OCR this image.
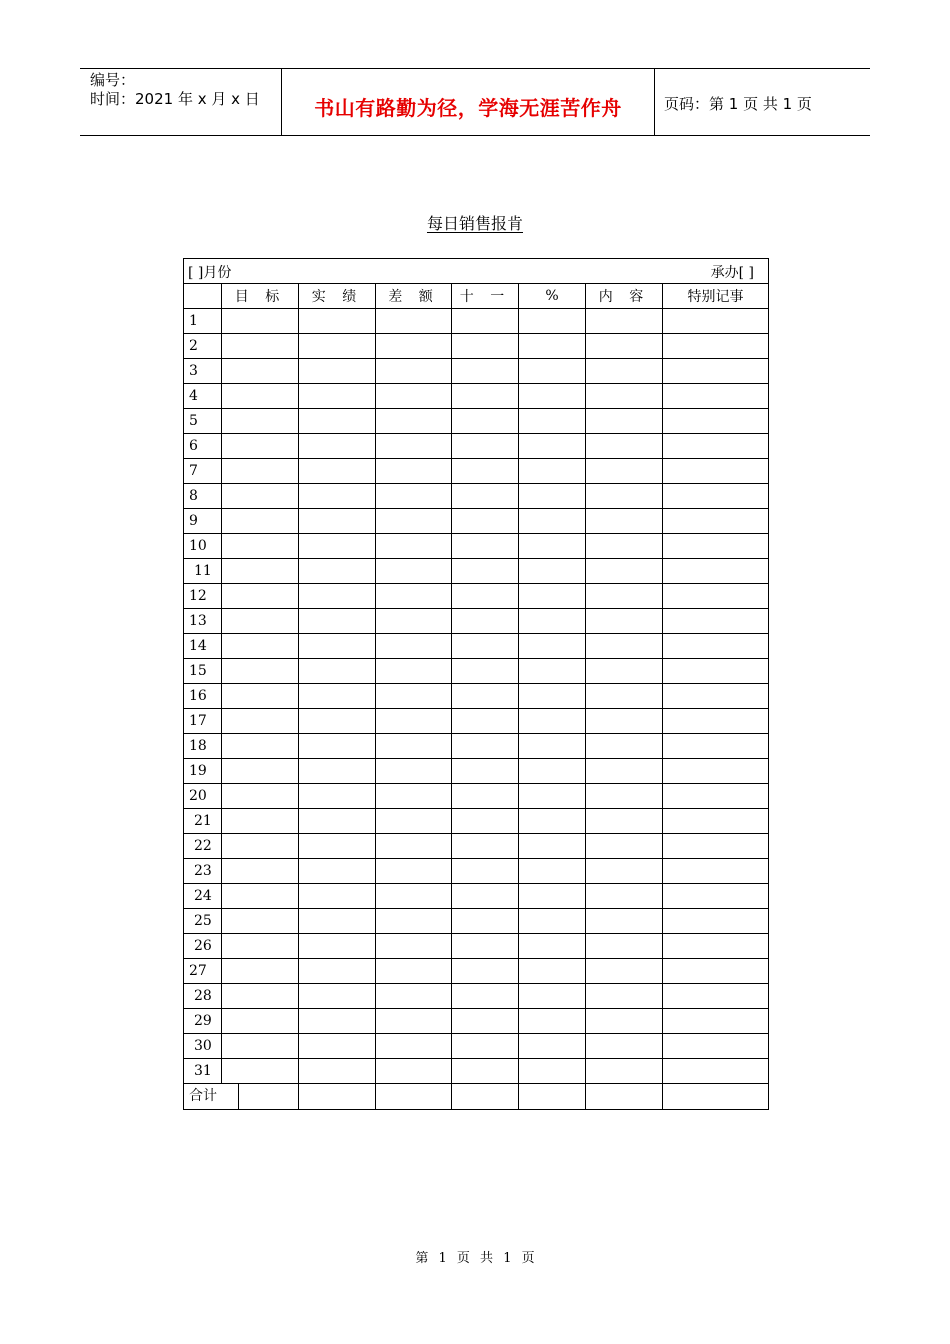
编号：
时间：2021 年 x 月 x 日	书山有路勤为径，学海无涯苦作舟	页码：第 1 页 共 1 页
每日销售报肯
[ ]月份 承办[ ]							

	目 标	实 绩	差 额	十 一	%	内 容	特别记事
1							
2							
3							
4							
5							
6							
7							
8							
9							
10							
11							
12							
13							
14							
15							
16							
17							
18							
19							
20							
21							
22							
23							
24							
25							
26							
27							
28							
29							
30							
31							

合计							

第 1 页 共 1 页
